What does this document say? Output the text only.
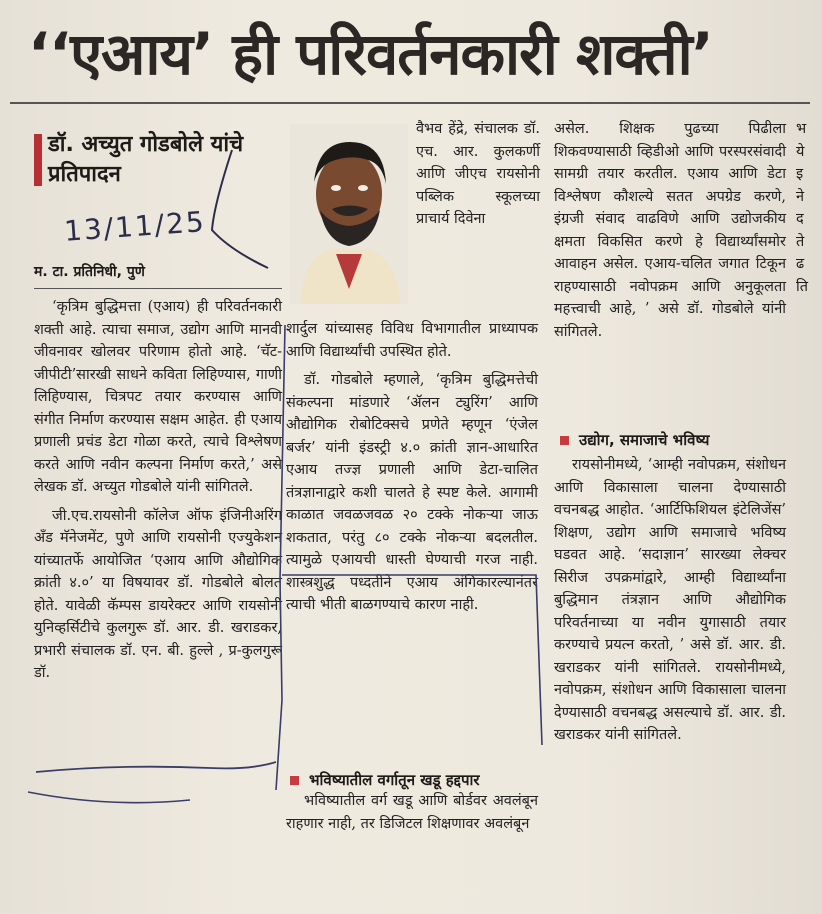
‘‘एआय’ ही परिवर्तनकारी शक्ती’
डॉ. अच्युत गोडबोले यांचे प्रतिपादन
13/11/25
म. टा. प्रतिनिधी, पुणे

‘कृत्रिम बुद्धिमत्ता (एआय) ही परिवर्तनकारी शक्ती आहे. त्याचा समाज, उद्योग आणि मानवी जीवनावर खोलवर परिणाम होतो आहे. ‘चॅट-जीपीटी’सारखी साधने कविता लिहिण्यास, गाणी लिहिण्यास, चित्रपट तयार करण्यास आणि संगीत निर्माण करण्यास सक्षम आहेत. ही एआय प्रणाली प्रचंड डेटा गोळा करते, त्याचे विश्लेषण करते आणि नवीन कल्पना निर्माण करते,’ असे लेखक डॉ. अच्युत गोडबोले यांनी सांगितले.

जी.एच.रायसोनी कॉलेज ऑफ इंजिनीअरिंग अँड मॅनेजमेंट, पुणे आणि रायसोनी एज्युकेशन यांच्यातर्फे आयोजित ‘एआय आणि औद्योगिक क्रांती ४.०’ या विषयावर डॉ. गोडबोले बोलत होते. यावेळी कॅम्पस डायरेक्टर आणि रायसोनी युनिव्हर्सिटीचे कुलगुरू डॉ. आर. डी. खराडकर, प्रभारी संचालक डॉ. एन. बी. हुल्ले , प्र-कुलगुरू डॉ.

वैभव हेंद्रे, संचालक डॉ. एच. आर. कुलकर्णी आणि जीएच रायसोनी पब्लिक स्कूलच्या प्राचार्य दिवेना

शार्दुल यांच्यासह विविध विभागातील प्राध्यापक आणि विद्यार्थ्यांची उपस्थित होते.

डॉ. गोडबोले म्हणाले, ‘कृत्रिम बुद्धिमत्तेची संकल्पना मांडणारे ‘ॲलन ट्युरिंग’ आणि औद्योगिक रोबोटिक्सचे प्रणेते म्हणून ‘एंजेल बर्जर’ यांनी इंडस्ट्री ४.० क्रांती ज्ञान-आधारित एआय तज्ज्ञ प्रणाली आणि डेटा-चालित तंत्रज्ञानाद्वारे कशी चालते हे स्पष्ट केले. आगामी काळात जवळजवळ २० टक्के नोकऱ्या जाऊ शकतात, परंतु ८० टक्के नोकऱ्या बदलतील. त्यामुळे एआयची धास्ती घेण्याची गरज नाही. शास्त्रशुद्ध पध्दतीने एआय अंगिकारल्यानंतर त्याची भीती बाळगण्याचे कारण नाही.

भविष्यातील वर्गातून खडू हद्दपार

भविष्यातील वर्ग खडू आणि बोर्डवर अवलंबून राहणार नाही, तर डिजिटल शिक्षणावर अवलंबून

असेल. शिक्षक पुढच्या पिढीला शिकवण्यासाठी व्हिडीओ आणि परस्परसंवादी सामग्री तयार करतील. एआय आणि डेटा विश्लेषण कौशल्ये सतत अपग्रेड करणे, इंग्रजी संवाद वाढविणे आणि उद्योजकीय क्षमता विकसित करणे हे विद्यार्थ्यांसमोर आवाहन असेल. एआय-चलित जगात टिकून राहण्यासाठी नवोपक्रम आणि अनुकूलता महत्त्वाची आहे, ’ असे डॉ. गोडबोले यांनी सांगितले.

उद्योग, समाजाचे भविष्य

रायसोनीमध्ये, ‘आम्ही नवोपक्रम, संशोधन आणि विकासाला चालना देण्यासाठी वचनबद्ध आहोत. ‘आर्टिफिशियल इंटेलिजेंस’ शिक्षण, उद्योग आणि समाजाचे भविष्य घडवत आहे. ‘सदाज्ञान’ सारख्या लेक्चर सिरीज उपक्रमांद्वारे, आम्ही विद्यार्थ्यांना बुद्धिमान तंत्रज्ञान आणि औद्योगिक परिवर्तनाच्या या नवीन युगासाठी तयार करण्याचे प्रयत्न करतो, ’ असे डॉ. आर. डी. खराडकर यांनी सांगितले. रायसोनीमध्ये, नवोपक्रम, संशोधन आणि विकासाला चालना देण्यासाठी वचनबद्ध असल्याचे डॉ. आर. डी. खराडकर यांनी सांगितले.

भ
ये
इ
ने
द
ते
ढ
ति
